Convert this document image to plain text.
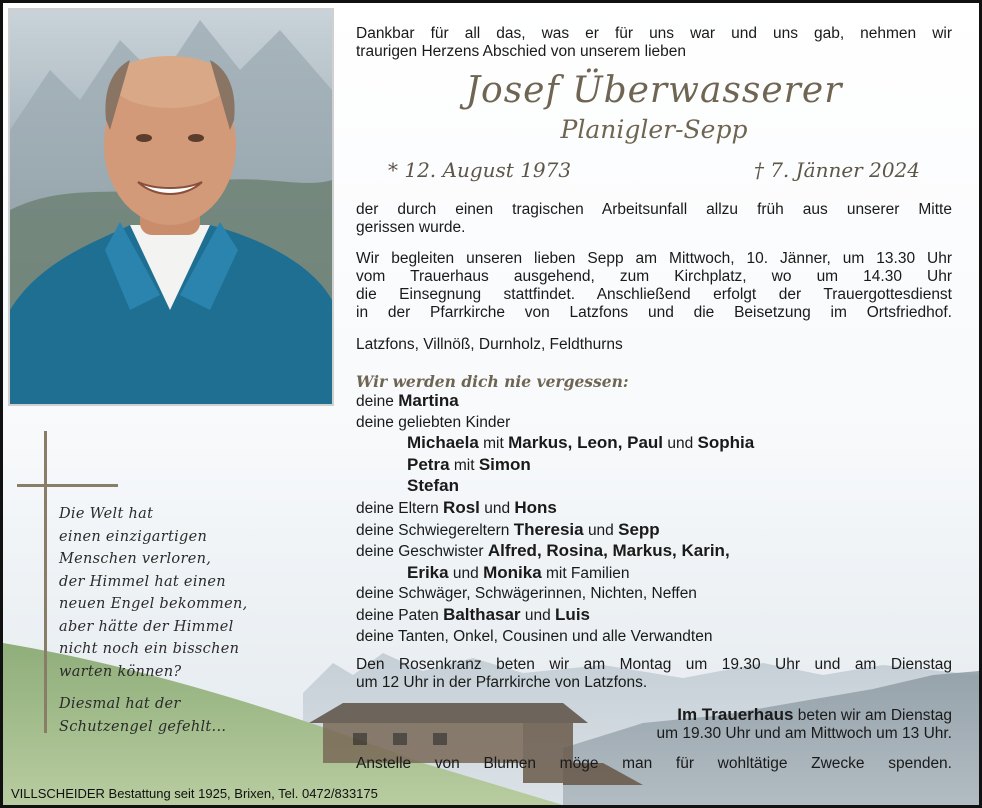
Die Welt hat
einen einzigartigen
Menschen verloren,
der Himmel hat einen
neuen Engel bekommen,
aber hätte der Himmel
nicht noch ein bisschen
warten können?
Diesmal hat der
Schutzengel gefehlt...
VILLSCHEIDER Bestattung seit 1925, Brixen, Tel. 0472/833175
Dankbar für all das, was er für uns war und uns gab, nehmen wir
traurigen Herzens Abschied von unserem lieben
Josef Überwasserer
Planigler-Sepp
* 12. August 1973	† 7. Jänner 2024
der durch einen tragischen Arbeitsunfall allzu früh aus unserer Mitte
gerissen wurde.
Wir begleiten unseren lieben Sepp am Mittwoch, 10. Jänner, um 13.30 Uhr
vom Trauerhaus ausgehend, zum Kirchplatz, wo um 14.30 Uhr
die Einsegnung stattfindet. Anschließend erfolgt der Trauergottesdienst
in der Pfarrkirche von Latzfons und die Beisetzung im Ortsfriedhof.
Latzfons, Villnöß, Durnholz, Feldthurns
Wir werden dich nie vergessen:
deine Martina
deine geliebten Kinder
Michaela mit Markus, Leon, Paul und Sophia
Petra mit Simon
Stefan
deine Eltern Rosl und Hons
deine Schwiegereltern Theresia und Sepp
deine Geschwister Alfred, Rosina, Markus, Karin,
Erika und Monika mit Familien
deine Schwäger, Schwägerinnen, Nichten, Neffen
deine Paten Balthasar und Luis
deine Tanten, Onkel, Cousinen und alle Verwandten
Den Rosenkranz beten wir am Montag um 19.30 Uhr und am Dienstag
um 12 Uhr in der Pfarrkirche von Latzfons.
Im Trauerhaus beten wir am Dienstag
um 19.30 Uhr und am Mittwoch um 13 Uhr.
Anstelle von Blumen möge man für wohltätige Zwecke spenden.
